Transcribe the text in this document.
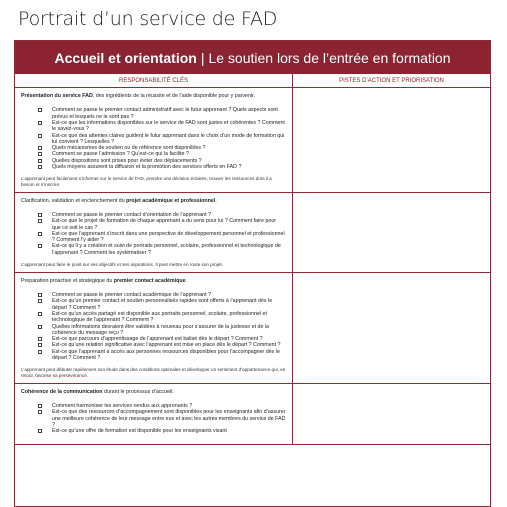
Portrait d’un service de FAD
Accueil et orientation | Le soutien lors de l’entrée en formation
RESPONSABILITÉ CLÉS	PISTES D’ACTION ET PRIORISATION

Présentation du service FAD, des ingrédients de la réussite et de l’aide disponible pour y parvenir.

Comment se passe le premier contact administratif avec le futur apprenant ? Quels aspects sont prévus et lesquels ne le sont pas ?
Est-ce que les informations disponibles sur le service de FAD sont justes et cohérentes ? Comment le savez-vous ?
Est-ce que des attentes claires guident le futur apprenant dans le choix d’un mode de formation qui lui convient ? Lesquelles ?
Quels mécanismes de soutien ou de référence sont disponibles ?
Comment se passe l’admission ? Qu’est-ce qui la facilite ?
Quelles dispositions sont prises pour éviter des déplacements ?
Quels moyens assurent la diffusion et la promotion des services offerts en FAD ?

L’apprenant peut facilement s’informer sur le service de FAD, prendre une décision éclairée, trouver les ressources dont il a besoin et s’inscrire.

Clarification, validation et enclenchement du projet académique et professionnel.

Comment se passe le premier contact d’orientation de l’apprenant ?
Est-ce que le projet de formation de chaque apprenant a du sens pour lui ? Comment faire pour que ce soit le cas ?
Est-ce que l’apprenant s’inscrit dans une perspective de développement personnel et professionnel ? Comment l’y aider ?
Est-ce qu’il y a création et suivi de portraits personnel, scolaire, professionnel et technologique de l’apprenant ? Comment les systématiser ?

L’apprenant peut faire le point sur ses objectifs et ses aspirations. Il peut mettre en route son projet.

Préparation proactive et stratégique du premier contact académique.

Comment se passe le premier contact académique de l’apprenant ?
Est-ce qu’un premier contact et soutien personnalisés rapides sont offerts à l’apprenant dès le départ ? Comment ?
Est-ce qu’un accès partagé est disponible aux portraits personnel, scolaire, professionnel et technologique de l’apprenant ? Comment ?
Quelles informations devraient être validées à nouveau pour s’assurer de la justesse et de la cohérence du message reçu ?
Est-ce que parcours d’apprentissage de l’apprenant est balisé dès le départ ? Comment ?
Est-ce qu’une relation significative avec l’apprenant est mise en place dès le départ ? Comment ?
Est-ce que l’apprenant a accès aux personnes ressources disponibles pour l’accompagner dès le départ ? Comment ?

L’apprenant peut débuter rapidement son étude dans des conditions optimales et développer un sentiment d’appartenance qui, en retour, favorise sa persévérance.

Cohérence de la communication durant le processus d’accueil.

Comment harmoniser les services rendus aux apprenants ?
Est-ce que des ressources d’accompagnement sont disponibles pour les enseignants afin d’assurer une meilleure cohérence de leur message entre eux et avec les autres membres du service de FAD ?
Est-ce qu’une offre de formation est disponible pour les enseignants visant
